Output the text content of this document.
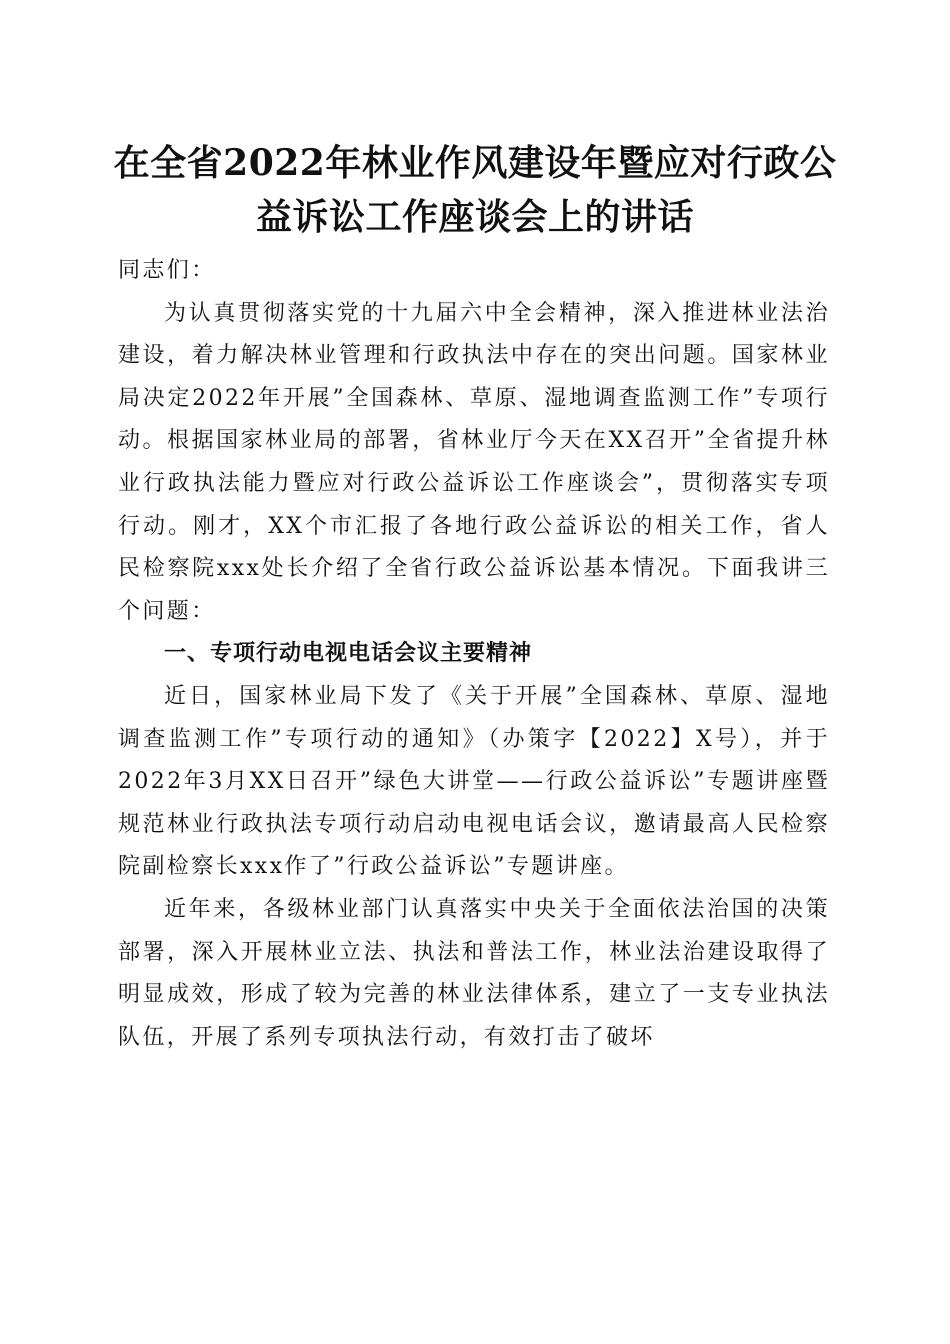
在全省2022年林业作风建设年暨应对行政公益诉讼工作座谈会上的讲话

同志们：

为认真贯彻落实党的十九届六中全会精神，深入推进林业法治建设，着力解决林业管理和行政执法中存在的突出问题。国家林业局决定2022年开展”全国森林、草原、湿地调查监测工作”专项行动。根据国家林业局的部署，省林业厅今天在XX召开”全省提升林业行政执法能力暨应对行政公益诉讼工作座谈会”，贯彻落实专项行动。刚才，XX个市汇报了各地行政公益诉讼的相关工作，省人民检察院xxx处长介绍了全省行政公益诉讼基本情况。下面我讲三个问题：

一、专项行动电视电话会议主要精神

近日，国家林业局下发了《关于开展”全国森林、草原、湿地调查监测工作”专项行动的通知》（办策字【2022】X号），并于2022年3月XX日召开”绿色大讲堂——行政公益诉讼”专题讲座暨规范林业行政执法专项行动启动电视电话会议，邀请最高人民检察院副检察长xxx作了”行政公益诉讼”专题讲座。

近年来，各级林业部门认真落实中央关于全面依法治国的决策部署，深入开展林业立法、执法和普法工作，林业法治建设取得了明显成效，形成了较为完善的林业法律体系，建立了一支专业执法队伍，开展了系列专项执法行动，有效打击了破坏
